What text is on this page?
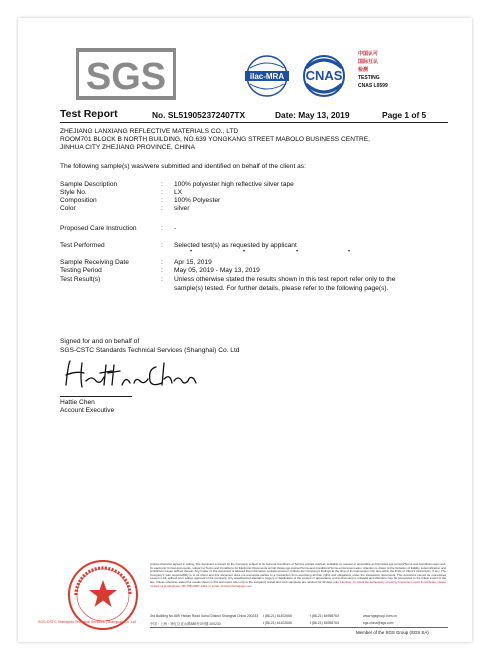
SGS	ilac-MRA CNAS
中国认可
国际互认
检测
TESTING
CNAS L0599
Test Report	No. SL519052372407TX	Date: May 13, 2019	Page 1 of 5
ZHEJIANG LANXIANG REFLECTIVE MATERIALS CO., LTD
ROOM701 BLOCK B NORTH BUILDING, NO.639 YONGKANG STREET MABOLO BUSINESS CENTRE,
JINHUA CITY ZHEJIANG PROVINCE, CHINA
The following sample(s) was/were submitted and identified on behalf of the client as:
Sample Description	: 100% polyester high reflective silver tape
Style No.	: LX
Composition	: 100% Polyester
Color	: silver
Proposed Care Instruction	: -
Test Performed	: Selected test(s) as requested by applicant
•	•	•	•
Sample Receiving Date	: Apr 15, 2019
Testing Period	: May 05, 2019 - May 13, 2019
Test Result(s)	: Unless otherwise stated the results shown in this test report refer only to the
sample(s) tested. For further details, please refer to the following page(s).
Signed for and on behalf of
SGS-CSTC Standards Technical Services (Shanghai) Co. Ltd
Hattie Chen
Account Executive
SGS-CSTC Standards Technical Services (Shanghai) Co.,Ltd
Unless otherwise agreed in writing, this document is issued by the Company subject to its General Conditions of Service printed overleaf, available on request or accessible at http://www.sgs.com/en/Terms-and-Conditions.aspx and, for electronic format documents, subject to Terms and Conditions for Electronic Documents at http://www.sgs.com/en/Terms-and-Conditions/Terms-e-Document.aspx. Attention is drawn to the limitation of liability, indemnification and jurisdiction issues defined therein. Any holder of this document is advised that information contained hereon reflects the Company's findings at the time of its intervention only and within the limits of Client's instructions, if any. The Company's sole responsibility is to its Client and this document does not exonerate parties to a transaction from exercising all their rights and obligations under the transaction documents. This document cannot be reproduced except in full, without prior written approval of the Company. Any unauthorized alteration, forgery or falsification of the content or appearance of this document is unlawful and offenders may be prosecuted to the fullest extent of the law. Unless otherwise stated the results shown in this test report refer only to the sample(s) tested and such sample(s) are retained for 30 days only. Attention: To check the authenticity of testing /inspection report & certificate, please contact us at telephone: (86-755) 8307 1443, or email: CN.Doccheck@sgs.com
3rd Building No.889 Yishan Road Xuhui District Shanghai China 200233 t (86-21) 61402666	f (86-21) 64958763	www.sgsgroup.com.cn
中国・上海・徐汇区宜山路889号3号楼 200233	t (86-21) 61402666	f (86-21) 64958763	sgs.china@sgs.com
Member of the SGS Group (SGS SA)
